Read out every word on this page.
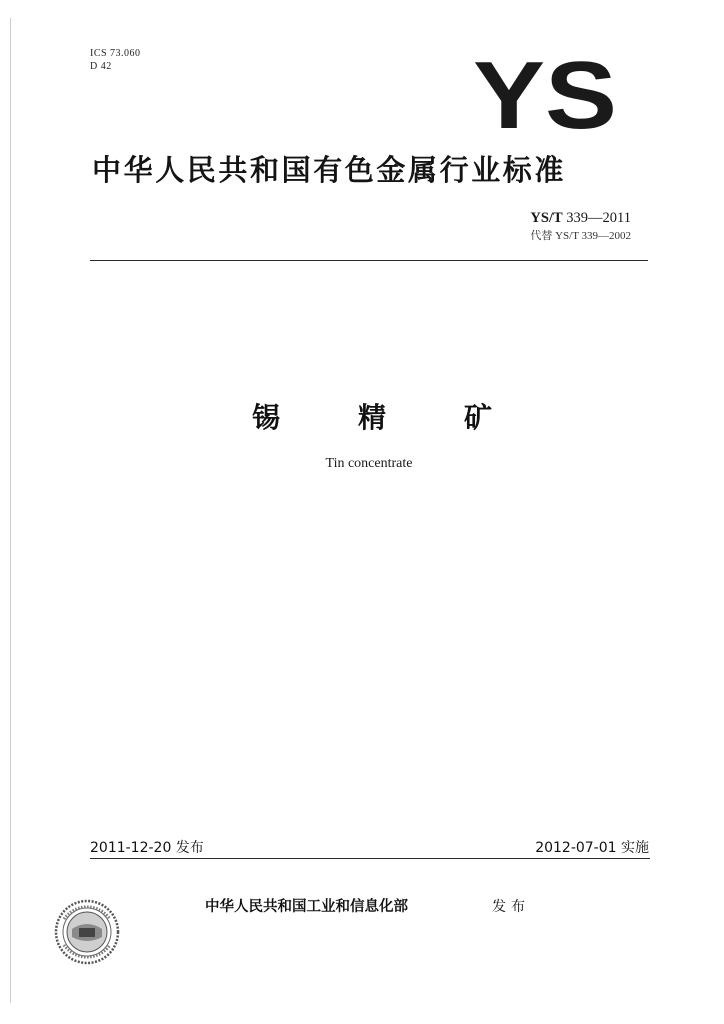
ICS 73.060
D 42	YS
中华人民共和国有色金属行业标准
YS/T 339—2011
代替 YS/T 339—2002
锡	精	矿
Tin concentrate
2011-12-20 发布	2012-07-01 实施
中华人民共和国工业和信息化部	发布
